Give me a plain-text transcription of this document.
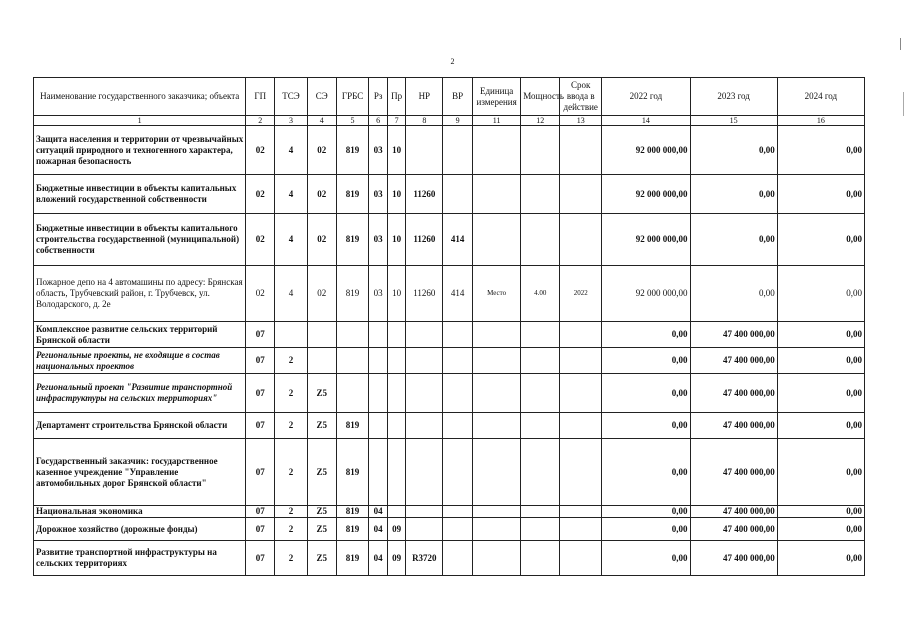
2
Наименование государственного заказчика; объекта	ГП	ТСЭ	СЭ	ГРБС	Рз	Пр	НР	ВР	Единица измерения	Мощность	Срок ввода в действие	2022 год	2023 год	2024 год
1	2	3	4	5	6	7	8	9	11	12	13	14	15	16
Защита населения и территории от чрезвычайных ситуаций природного и техногенного характера, пожарная безопасность	02	4	02	819	03	10						92 000 000,00	0,00	0,00
Бюджетные инвестиции в объекты капитальных вложений государственной собственности	02	4	02	819	03	10	11260					92 000 000,00	0,00	0,00
Бюджетные инвестиции в объекты капитального строительства государственной (муниципальной) собственности	02	4	02	819	03	10	11260	414				92 000 000,00	0,00	0,00
Пожарное депо на 4 автомашины по адресу: Брянская область, Трубчевский район, г. Трубчевск, ул. Володарского, д. 2е	02	4	02	819	03	10	11260	414	Место	4.00	2022	92 000 000,00	0,00	0,00
Комплексное развитие сельских территорий Брянской области	07											0,00	47 400 000,00	0,00
Региональные проекты, не входящие в состав национальных проектов	07	2										0,00	47 400 000,00	0,00
Региональный проект "Развитие транспортной инфраструктуры на сельских территориях"	07	2	Z5									0,00	47 400 000,00	0,00
Департамент строительства Брянской области	07	2	Z5	819								0,00	47 400 000,00	0,00
Государственный заказчик: государственное казенное учреждение "Управление автомобильных дорог Брянской области"	07	2	Z5	819								0,00	47 400 000,00	0,00
Национальная экономика	07	2	Z5	819	04							0,00	47 400 000,00	0,00
Дорожное хозяйство (дорожные фонды)	07	2	Z5	819	04	09						0,00	47 400 000,00	0,00
Развитие транспортной инфраструктуры на сельских территориях	07	2	Z5	819	04	09	R3720					0,00	47 400 000,00	0,00
